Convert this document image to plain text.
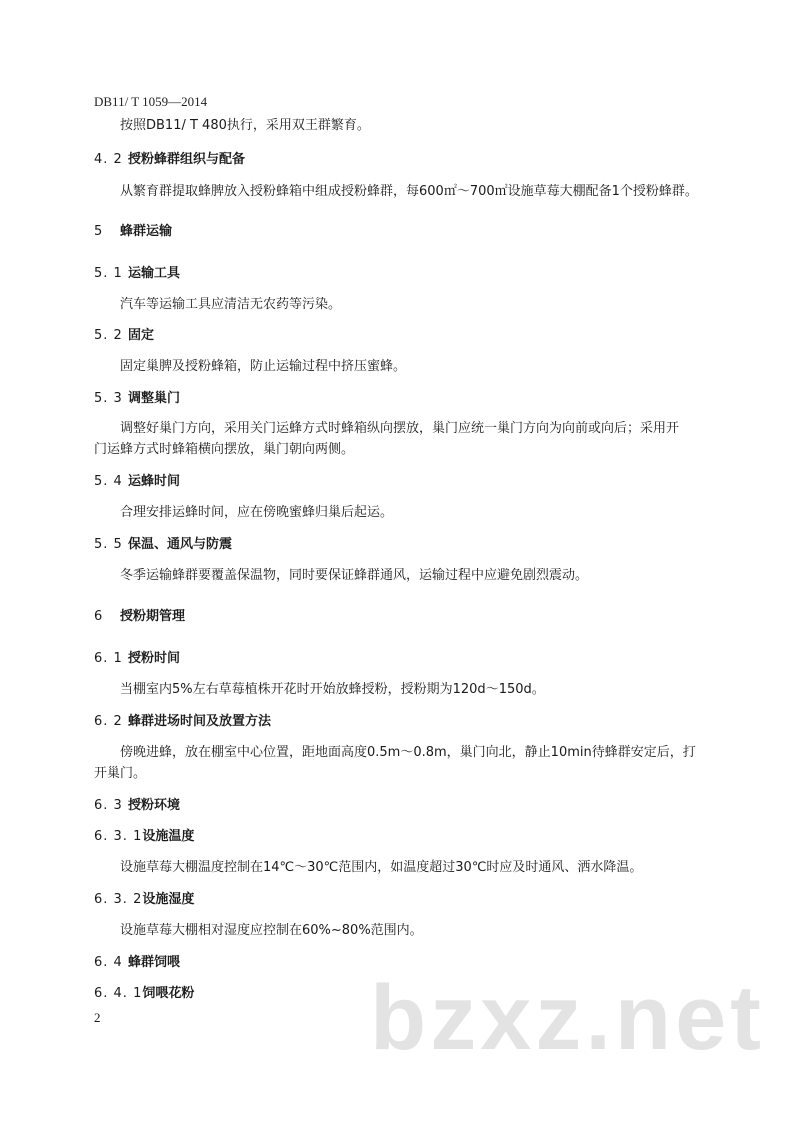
DB11/ T 1059—2014
按照DB11/ T 480执行，采用双王群繁育。
4. 2 授粉蜂群组织与配备
从繁育群提取蜂脾放入授粉蜂箱中组成授粉蜂群，每600㎡～700㎡设施草莓大棚配备1个授粉蜂群。
5 蜂群运输
5. 1 运输工具
汽车等运输工具应清洁无农药等污染。
5. 2 固定
固定巢脾及授粉蜂箱，防止运输过程中挤压蜜蜂。
5. 3 调整巢门
调整好巢门方向，采用关门运蜂方式时蜂箱纵向摆放，巢门应统一巢门方向为向前或向后；采用开
门运蜂方式时蜂箱横向摆放，巢门朝向两侧。
5. 4 运蜂时间
合理安排运蜂时间，应在傍晚蜜蜂归巢后起运。
5. 5 保温、通风与防震
冬季运输蜂群要覆盖保温物，同时要保证蜂群通风，运输过程中应避免剧烈震动。
6 授粉期管理
6. 1 授粉时间
当棚室内5%左右草莓植株开花时开始放蜂授粉，授粉期为120d～150d。
6. 2 蜂群进场时间及放置方法
傍晚进蜂，放在棚室中心位置，距地面高度0.5m～0.8m，巢门向北，静止10min待蜂群安定后，打
开巢门。
6. 3 授粉环境
6. 3. 1设施温度
设施草莓大棚温度控制在14℃～30℃范围内，如温度超过30℃时应及时通风、洒水降温。
6. 3. 2设施湿度
设施草莓大棚相对湿度应控制在60%~80%范围内。
6. 4 蜂群饲喂
6. 4. 1饲喂花粉 bzxz.net
2
